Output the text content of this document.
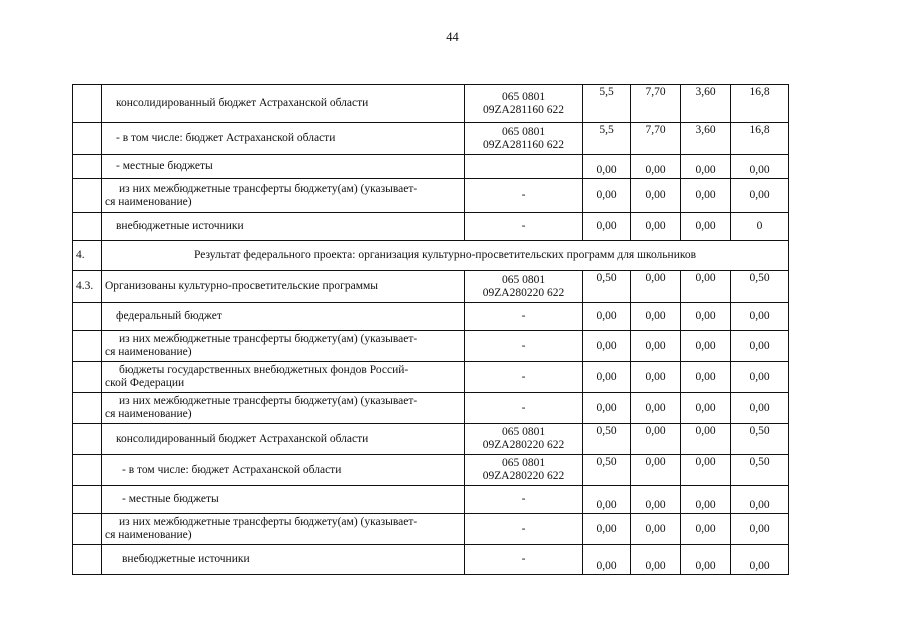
44

	консолидированный бюджет Астраханской области	065 0801
09ZA281160 622	5,5	7,70	3,60	16,8

	- в том числе: бюджет Астраханской области	065 0801
09ZA281160 622	5,5	7,70	3,60	16,8

	- местные бюджеты		0,00	0,00	0,00	0,00

	из них межбюджетные трансферты бюджету(ам) (указывает-
ся наименование)	-	0,00	0,00	0,00	0,00

	внебюджетные источники	-	0,00	0,00	0,00	0
4.	Результат федерального проекта: организация культурно-просветительских программ для школьников					
4.3.	Организованы культурно-просветительские программы	065 0801
09ZA280220 622	0,50	0,00	0,00	0,50

	федеральный бюджет	-	0,00	0,00	0,00	0,00

	из них межбюджетные трансферты бюджету(ам) (указывает-
ся наименование)	-	0,00	0,00	0,00	0,00

	бюджеты государственных внебюджетных фондов Россий-
ской Федерации	-	0,00	0,00	0,00	0,00

	из них межбюджетные трансферты бюджету(ам) (указывает-
ся наименование)	-	0,00	0,00	0,00	0,00

	консолидированный бюджет Астраханской области	065 0801
09ZA280220 622	0,50	0,00	0,00	0,50

	- в том числе: бюджет Астраханской области	065 0801
09ZA280220 622	0,50	0,00	0,00	0,50

	- местные бюджеты	-	0,00	0,00	0,00	0,00

	из них межбюджетные трансферты бюджету(ам) (указывает-
ся наименование)	-	0,00	0,00	0,00	0,00

	внебюджетные источники	-	0,00	0,00	0,00	0,00
